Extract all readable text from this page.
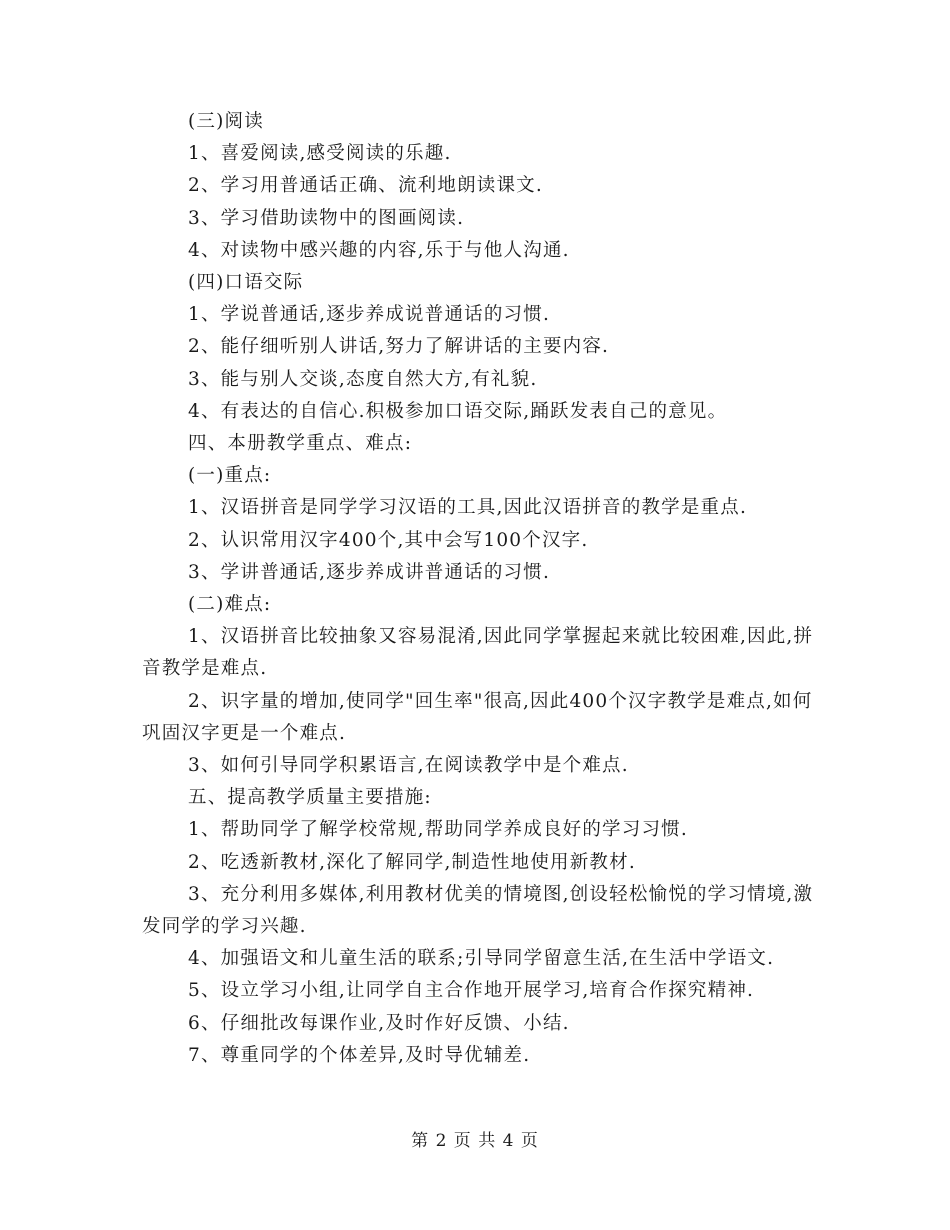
(三)阅读

1、喜爱阅读,感受阅读的乐趣.

2、学习用普通话正确、流利地朗读课文.

3、学习借助读物中的图画阅读.

4、对读物中感兴趣的内容,乐于与他人沟通.

(四)口语交际

1、学说普通话,逐步养成说普通话的习惯.

2、能仔细听别人讲话,努力了解讲话的主要内容.

3、能与别人交谈,态度自然大方,有礼貌.

4、有表达的自信心.积极参加口语交际,踊跃发表自己的意见。

四、本册教学重点、难点:

(一)重点:

1、汉语拼音是同学学习汉语的工具,因此汉语拼音的教学是重点.

2、认识常用汉字400个,其中会写100个汉字.

3、学讲普通话,逐步养成讲普通话的习惯.

(二)难点:

1、汉语拼音比较抽象又容易混淆,因此同学掌握起来就比较困难,因此,拼音教学是难点.

2、识字量的增加,使同学"回生率"很高,因此400个汉字教学是难点,如何巩固汉字更是一个难点.

3、如何引导同学积累语言,在阅读教学中是个难点.

五、提高教学质量主要措施:

1、帮助同学了解学校常规,帮助同学养成良好的学习习惯.

2、吃透新教材,深化了解同学,制造性地使用新教材.

3、充分利用多媒体,利用教材优美的情境图,创设轻松愉悦的学习情境,激发同学的学习兴趣.

4、加强语文和儿童生活的联系;引导同学留意生活,在生活中学语文.

5、设立学习小组,让同学自主合作地开展学习,培育合作探究精神.

6、仔细批改每课作业,及时作好反馈、小结.

7、尊重同学的个体差异,及时导优辅差.

第 2 页 共 4 页
